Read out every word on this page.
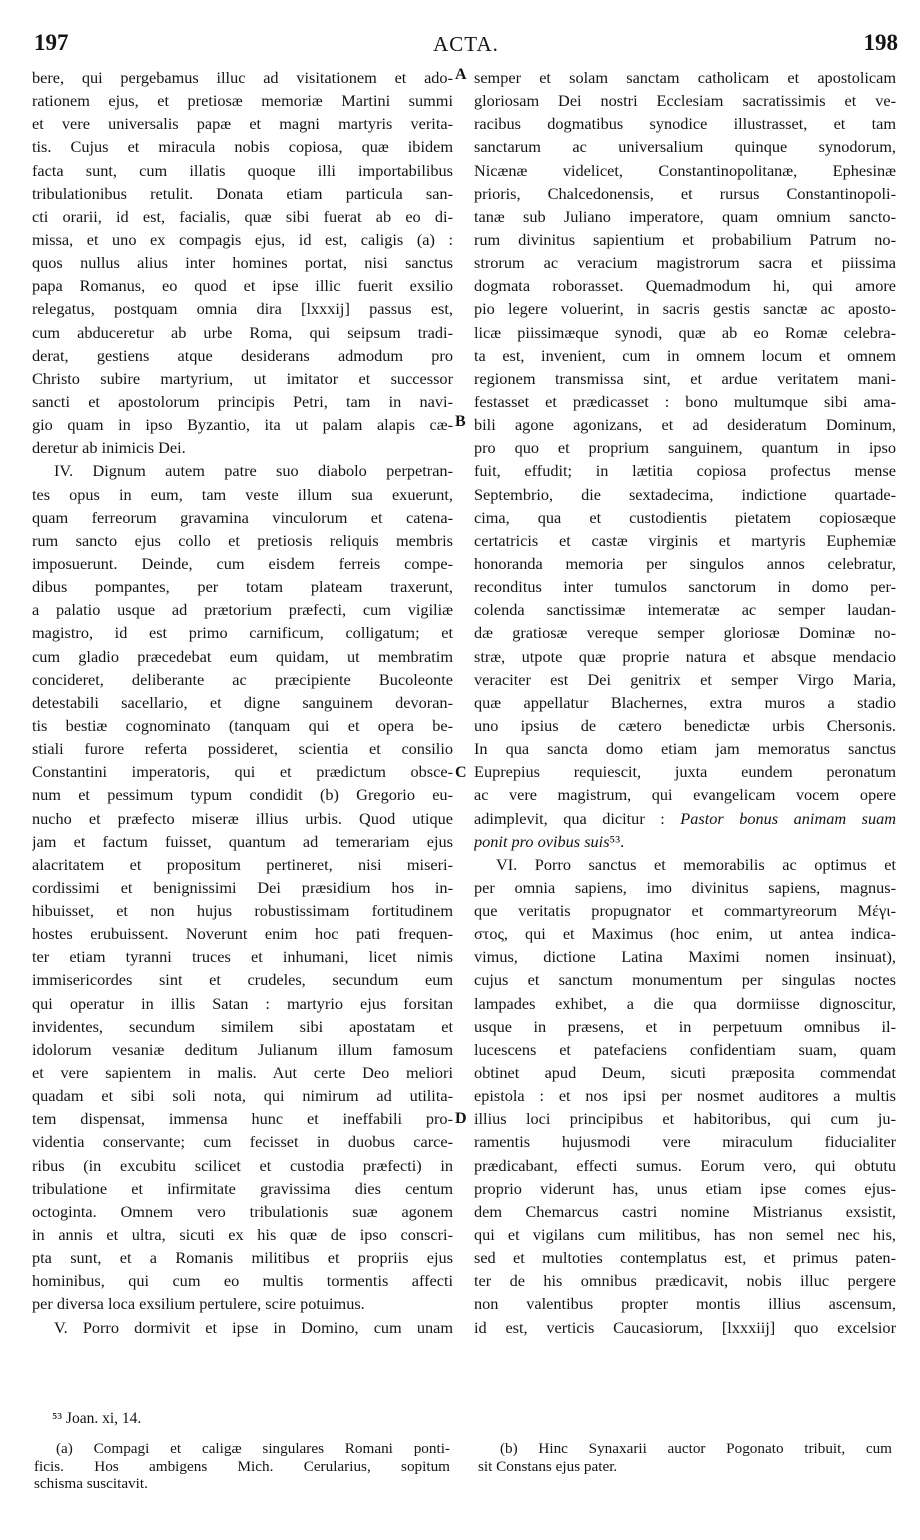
197	ACTA.	198
bere, qui pergebamus illuc ad visitationem et ado-
rationem ejus, et pretiosæ memoriæ Martini summi
et vere universalis papæ et magni martyris verita-
tis. Cujus et miracula nobis copiosa, quæ ibidem
facta sunt, cum illatis quoque illi importabilibus
tribulationibus retulit. Donata etiam particula san-
cti orarii, id est, facialis, quæ sibi fuerat ab eo di-
missa, et uno ex compagis ejus, id est, caligis (a) :
quos nullus alius inter homines portat, nisi sanctus
papa Romanus, eo quod et ipse illic fuerit exsilio
relegatus, postquam omnia dira [lxxxij] passus est,
cum abduceretur ab urbe Roma, qui seipsum tradi-
derat, gestiens atque desiderans admodum pro
Christo subire martyrium, ut imitator et successor
sancti et apostolorum principis Petri, tam in navi-
gio quam in ipso Byzantio, ita ut palam alapis cæ-
deretur ab inimicis Dei.
IV. Dignum autem patre suo diabolo perpetran-
tes opus in eum, tam veste illum sua exuerunt,
quam ferreorum gravamina vinculorum et catena-
rum sancto ejus collo et pretiosis reliquis membris
imposuerunt. Deinde, cum eisdem ferreis compe-
dibus pompantes, per totam plateam traxerunt,
a palatio usque ad prætorium præfecti, cum vigiliæ
magistro, id est primo carnificum, colligatum; et
cum gladio præcedebat eum quidam, ut membratim
concideret, deliberante ac præcipiente Bucoleonte
detestabili sacellario, et digne sanguinem devoran-
tis bestiæ cognominato (tanquam qui et opera be-
stiali furore referta possideret, scientia et consilio
Constantini imperatoris, qui et prædictum obsce-
num et pessimum typum condidit (b) Gregorio eu-
nucho et præfecto miseræ illius urbis. Quod utique
jam et factum fuisset, quantum ad temerariam ejus
alacritatem et propositum pertineret, nisi miseri-
cordissimi et benignissimi Dei præsidium hos in-
hibuisset, et non hujus robustissimam fortitudinem
hostes erubuissent. Noverunt enim hoc pati frequen-
ter etiam tyranni truces et inhumani, licet nimis
immisericordes sint et crudeles, secundum eum
qui operatur in illis Satan : martyrio ejus forsitan
invidentes, secundum similem sibi apostatam et
idolorum vesaniæ deditum Julianum illum famosum
et vere sapientem in malis. Aut certe Deo meliori
quadam et sibi soli nota, qui nimirum ad utilita-
tem dispensat, immensa hunc et ineffabili pro-
videntia conservante; cum fecisset in duobus carce-
ribus (in excubitu scilicet et custodia præfecti) in
tribulatione et infirmitate gravissima dies centum
octoginta. Omnem vero tribulationis suæ agonem
in annis et ultra, sicuti ex his quæ de ipso conscri-
pta sunt, et a Romanis militibus et propriis ejus
hominibus, qui cum eo multis tormentis affecti
per diversa loca exsilium pertulere, scire potuimus.
V. Porro dormivit et ipse in Domino, cum unam
semper et solam sanctam catholicam et apostolicam
gloriosam Dei nostri Ecclesiam sacratissimis et ve-
racibus dogmatibus synodice illustrasset, et tam
sanctarum ac universalium quinque synodorum,
Nicænæ videlicet, Constantinopolitanæ, Ephesinæ
prioris, Chalcedonensis, et rursus Constantinopoli-
tanæ sub Juliano imperatore, quam omnium sancto-
rum divinitus sapientium et probabilium Patrum no-
strorum ac veracium magistrorum sacra et piissima
dogmata roborasset. Quemadmodum hi, qui amore
pio legere voluerint, in sacris gestis sanctæ ac aposto-
licæ piissimæque synodi, quæ ab eo Romæ celebra-
ta est, invenient, cum in omnem locum et omnem
regionem transmissa sint, et ardue veritatem mani-
festasset et prædicasset : bono multumque sibi ama-
bili agone agonizans, et ad desideratum Dominum,
pro quo et proprium sanguinem, quantum in ipso
fuit, effudit; in lætitia copiosa profectus mense
Septembrio, die sextadecima, indictione quartade-
cima, qua et custodientis pietatem copiosæque
certatricis et castæ virginis et martyris Euphemiæ
honoranda memoria per singulos annos celebratur,
reconditus inter tumulos sanctorum in domo per-
colenda sanctissimæ intemeratæ ac semper laudan-
dæ gratiosæ vereque semper gloriosæ Dominæ no-
stræ, utpote quæ proprie natura et absque mendacio
veraciter est Dei genitrix et semper Virgo Maria,
quæ appellatur Blachernes, extra muros a stadio
uno ipsius de cætero benedictæ urbis Chersonis.
In qua sancta domo etiam jam memoratus sanctus
Euprepius requiescit, juxta eundem peronatum
ac vere magistrum, qui evangelicam vocem opere
adimplevit, qua dicitur : Pastor bonus animam suam
ponit pro ovibus suis⁵³.
VI. Porro sanctus et memorabilis ac optimus et
per omnia sapiens, imo divinitus sapiens, magnus-
que veritatis propugnator et commartyreorum Μέγι-
στος, qui et Maximus (hoc enim, ut antea indica-
vimus, dictione Latina Maximi nomen insinuat),
cujus et sanctum monumentum per singulas noctes
lampades exhibet, a die qua dormiisse dignoscitur,
usque in præsens, et in perpetuum omnibus il-
lucescens et patefaciens confidentiam suam, quam
obtinet apud Deum, sicuti præposita commendat
epistola : et nos ipsi per nosmet auditores a multis
illius loci principibus et habitoribus, qui cum ju-
ramentis hujusmodi vere miraculum fiducialiter
prædicabant, effecti sumus. Eorum vero, qui obtutu
proprio viderunt has, unus etiam ipse comes ejus-
dem Chemarcus castri nomine Mistrianus exsistit,
qui et vigilans cum militibus, has non semel nec his,
sed et multoties contemplatus est, et primus paten-
ter de his omnibus prædicavit, nobis illuc pergere
non valentibus propter montis illius ascensum,
id est, verticis Caucasiorum, [lxxxiij] quo excelsior
A
B
C
D
⁵³ Joan. xi, 14.
(a) Compagi et caligæ singulares Romani ponti-
ficis. Hos ambigens Mich. Cerularius, sopitum
schisma suscitavit.
(b) Hinc Synaxarii auctor Pogonato tribuit, cum
sit Constans ejus pater.
